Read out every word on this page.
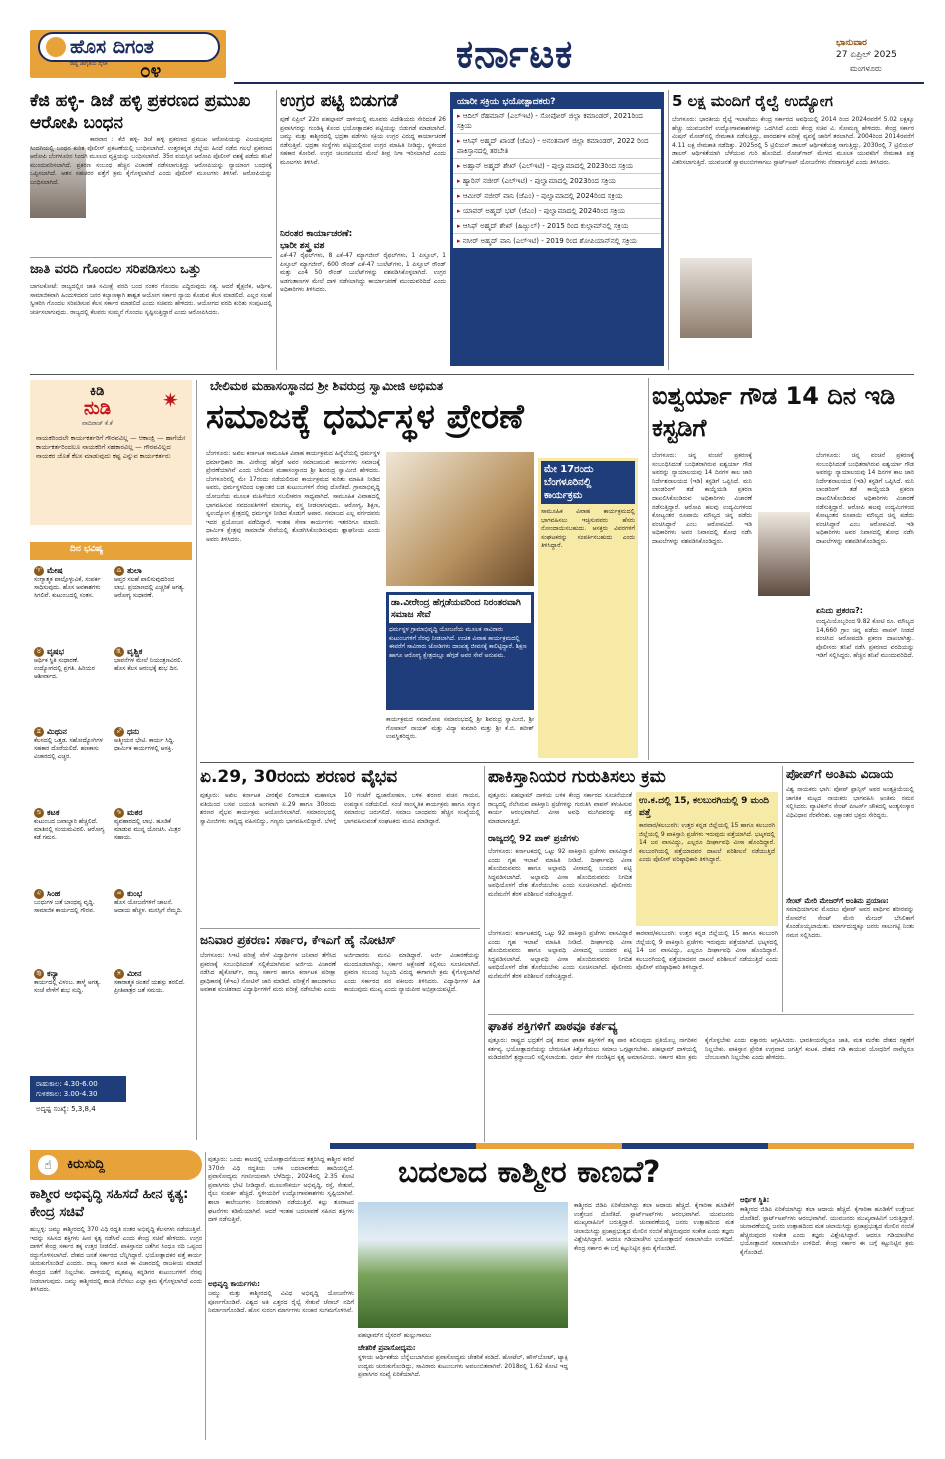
ಹೊಸ ದಿಗಂತ
ರಾಷ್ಟ್ರ ಜಾಗೃತಿಯ ದೈನಿಕ ೦೪	ಕರ್ನಾಟಕ	ಭಾನುವಾರ
27 ಏಪ್ರಿಲ್ 2025
ಮಂಗಳೂರು
ಕೆಜಿ ಹಳ್ಳಿ- ಡಿಜೆ ಹಳ್ಳಿ ಪ್ರಕರಣದ ಪ್ರಮುಖ ಆರೋಪಿ ಬಂಧನ
ಕಾರವಾರ : ಕೆಜಿ ಹಳ್ಳಿ- ಡಿಜೆ ಹಳ್ಳಿ ಪ್ರಕರಣದ ಪ್ರಮುಖ ಆರೋಪಿಯನ್ನು ವಿಜಯಪುರದ ಸಿಂದಗಿಯಲ್ಲಿ ಬಂಧನ ಕುರಿತ ಪೊಲೀಸ್ ಪ್ರಕಟಣೆಯಲ್ಲಿ ಬಂಧಿಸಲಾಗಿದೆ. ಉತ್ತರಕನ್ನಡ ಜಿಲ್ಲೆಯ ಹಿಂದೆ ನಡೆದ ಗಲಭೆ ಪ್ರಕರಣದ ಆರೋಪಿ ಬೆಂಗಳೂರಿನ ಸಿಂದಗಿ ಮೂಲದ ವ್ಯಕ್ತಿಯನ್ನು ಬಂಧಿಸಲಾಗಿದೆ. 35ರ ವಯಸ್ಸಿನ ಆರೋಪಿ ಪೊಲೀಸ್ ವಶಕ್ಕೆ ಪಡೆದು ತನಿಖೆ ಮುಂದುವರಿಸಲಾಗಿದೆ. ಪ್ರಕರಣ ಸಂಬಂಧ ಹೆಚ್ಚಿನ ವಿಚಾರಣೆ ನಡೆಸಲಾಗುತ್ತಿದ್ದು ಆರೋಪಿಯನ್ನು ನ್ಯಾಯಾಂಗ ಬಂಧನಕ್ಕೆ ಒಪ್ಪಿಸಲಾಗಿದೆ. ಆತನ ಸಹಚರರ ಪತ್ತೆಗೆ ಕ್ರಮ ಕೈಗೊಳ್ಳಲಾಗಿದೆ ಎಂದು ಪೊಲೀಸ್ ಮೂಲಗಳು ತಿಳಿಸಿವೆ. ಆರೋಪಿಯನ್ನು ಬಂಧಿಸಲಾಗಿದೆ.
ಜಾತಿ ವರದಿ ಗೊಂದಲ ಸರಿಪಡಿಸಲು ಒತ್ತು
ಬಾಗಲಕೋಟೆ: ರಾಜ್ಯದಲ್ಲಿನ ಜಾತಿ ಸಮೀಕ್ಷೆ ವರದಿ ಬಂದ ನಂತರ ಗೊಂದಲ ಎದ್ದಿರುವುದು ಸತ್ಯ. ಆದರೆ ಶೈಕ್ಷಣಿಕ, ಆರ್ಥಿಕ, ಸಾಮಾಜಿಕವಾಗಿ ಹಿಂದುಳಿದವರ ಜನರ ಕಲ್ಯಾಣಕ್ಕಾಗಿ ಶಾಶ್ವತ ಆಯೋಗ ಸರ್ಕಾರ ನ್ಯಾಯ ಕೊಡುವ ಕೆಲಸ ಮಾಡಲಿದೆ. ಎಲ್ಲರ ಸಲಹೆ ಸ್ವೀಕರಿಸಿ ಗೊಂದಲ ಸರಿಪಡಿಸುವ ಕೆಲಸ ಸರ್ಕಾರ ಮಾಡಲಿದೆ ಎಂದು ಸಚಿವರು ಹೇಳಿದರು. ಆಯೋಗದ ವರದಿ ಕುರಿತು ಸಂಪುಟದಲ್ಲಿ ಚರ್ಚಿಸಲಾಗುವುದು. ರಾಜ್ಯದಲ್ಲಿ ಕೆಲವರು ಸುಮ್ಮನೆ ಗೊಂದಲ ಸೃಷ್ಟಿಸುತ್ತಿದ್ದಾರೆ ಎಂದು ಆರೋಪಿಸಿದರು.
ಉಗ್ರರ ಪಟ್ಟಿ ಬಿಡುಗಡೆ
ಪುಣೆ ಏಪ್ರಿಲ್ 22ರ ಪಹಲ್ಗಾಮ್ ದಾಳಿಯಲ್ಲಿ ಮೂವರು ವಿದೇಶಿಯರು ಸೇರಿದಂತೆ 26 ಪ್ರವಾಸಿಗರನ್ನು ಗುಂಡಿಕ್ಕಿ ಕೊಂದ ಭಯೋತ್ಪಾದಕರ ಪಟ್ಟಿಯನ್ನು ಬಿಡುಗಡೆ ಮಾಡಲಾಗಿದೆ. ಜಮ್ಮು ಮತ್ತು ಕಾಶ್ಮೀರದಲ್ಲಿ ಭದ್ರತಾ ಪಡೆಗಳು ಸಕ್ರಿಯ ಉಗ್ರರ ವಿರುದ್ಧ ಕಾರ್ಯಾಚರಣೆ ನಡೆಸುತ್ತಿವೆ. ಭದ್ರತಾ ಸಂಸ್ಥೆಗಳು ಪಟ್ಟಿಯಲ್ಲಿರುವ ಉಗ್ರರ ಮಾಹಿತಿ ನೀಡಿದ್ದು, ಸ್ಥಳೀಯರ ಸಹಕಾರ ಕೋರಿವೆ. ಉಗ್ರರ ಚಲನವಲನದ ಮೇಲೆ ತೀವ್ರ ನಿಗಾ ಇರಿಸಲಾಗಿದೆ ಎಂದು ಮೂಲಗಳು ತಿಳಿಸಿವೆ.
ನಿರಂತರ ಕಾರ್ಯಾಚರಣೆ:
ಭಾರೀ ಶಸ್ತ್ರ ವಶ
ಎಕೆ-47 ರೈಫಲ್‌ಗಳು, 8 ಎಕೆ-47 ಮ್ಯಾಗಜೀನ್ ರೈಫಲ್‌ಗಳು, 1 ಪಿಸ್ತೂಲ್, 1 ಪಿಸ್ತೂಲ್ ಮ್ಯಾಗಜೀನ್, 600 ರೌಂಡ್ ಎಕೆ-47 ಬುಲೆಟ್‌ಗಳು, 1 ಪಿಸ್ತೂಲ್ ರೌಂಡ್ ಮತ್ತು ಎಂ4 50 ರೌಂಡ್ ಬುಲೆಟ್‌ಗಳನ್ನು ವಶಪಡಿಸಿಕೊಳ್ಳಲಾಗಿದೆ. ಉಗ್ರರ ಅಡಗುತಾಣಗಳ ಮೇಲೆ ದಾಳಿ ನಡೆಸಲಾಗಿದ್ದು ಕಾರ್ಯಾಚರಣೆ ಮುಂದುವರಿದಿದೆ ಎಂದು ಅಧಿಕಾರಿಗಳು ತಿಳಿಸಿದರು.
ಯಾರೀ ಸಕ್ರಿಯ ಭಯೋತ್ಪಾದಕರು?
▸ ಆದಿಲ್ ರೆಹಮಾನ್ (ಎಲ್‌ಇಟಿ) - ಸೋಪೋರ್ ಜಿಲ್ಲಾ ಕಮಾಂಡರ್, 2021ರಿಂದ ಸಕ್ರಿಯ
▸ ಆಸಿಫ್ ಅಹ್ಮದ್ ಖಾಂಡೆ (ಜೆಎಂ) - ಅನಂತನಾಗ್ ಜಿಲ್ಲಾ ಕಮಾಂಡರ್, 2022 ರಿಂದ ಪಾಕಿಸ್ತಾನದಲ್ಲಿ ತರಬೇತಿ
▸ ಅಹ್ಸಾನ್ ಅಹ್ಮದ್ ಶೇಖ್ (ಎಲ್‌ಇಟಿ) - ಪುಲ್ವಾಮಾದಲ್ಲಿ 2023ರಿಂದ ಸಕ್ರಿಯ
▸ ಹ್ಯಾರಿಸ್ ನಜೀರ್ (ಎಲ್‌ಇಟಿ) - ಪುಲ್ವಾಮಾದಲ್ಲಿ 2023ರಿಂದ ಸಕ್ರಿಯ
▸ ಆಮೀರ್ ನಜೀರ್ ವಾನಿ (ಜೆಎಂ) - ಪುಲ್ವಾಮಾದಲ್ಲಿ 2024ರಿಂದ ಸಕ್ರಿಯ
▸ ಯಾವರ್ ಅಹ್ಮದ್ ಭಟ್ (ಜೆಎಂ) - ಪುಲ್ವಾಮಾದಲ್ಲಿ 2024ರಿಂದ ಸಕ್ರಿಯ
▸ ಆಸಿಫ್ ಅಹ್ಮದ್ ಶೇಖ್ (ಹಿಜ್ಬುಲ್) - 2015 ರಿಂದ ಕುಲ್ಗಾಮ್‌ನಲ್ಲಿ ಸಕ್ರಿಯ
▸ ನಸೀರ್ ಅಹ್ಮದ್ ವಾನಿ (ಎಲ್‌ಇಟಿ) - 2019 ರಿಂದ ಶೋಪಿಯಾನ್‌ನಲ್ಲಿ ಸಕ್ರಿಯ
5 ಲಕ್ಷ ಮಂದಿಗೆ ರೈಲ್ವೆ ಉದ್ಯೋಗ
ಬೆಂಗಳೂರು: ಭಾರತೀಯ ರೈಲ್ವೆ ಇಲಾಖೆಯು ಕೇಂದ್ರ ಸರ್ಕಾರದ ಅವಧಿಯಲ್ಲಿ 2014 ರಿಂದ 2024ರವರೆಗೆ 5.02 ಲಕ್ಷಕ್ಕೂ ಹೆಚ್ಚು ಯುವಜನರಿಗೆ ಉದ್ಯೋಗಾವಕಾಶಗಳನ್ನು ಒದಗಿಸಿದೆ ಎಂದು ಕೇಂದ್ರ ಸಚಿವ ವಿ. ಸೋಮಣ್ಣ ಹೇಳಿದರು. ಕೇಂದ್ರ ಸರ್ಕಾರ ಮಿಷನ್ ಮೋಡ್‌ನಲ್ಲಿ ನೇಮಕಾತಿ ನಡೆಸುತ್ತಿದ್ದು, ಪಾರದರ್ಶಕ ಪರೀಕ್ಷೆ ವ್ಯವಸ್ಥೆ ಜಾರಿಗೆ ತರಲಾಗಿದೆ. 2004ರಿಂದ 2014ರವರೆಗೆ 4.11 ಲಕ್ಷ ನೇಮಕಾತಿ ನಡೆದಿತ್ತು. 2025ರಲ್ಲಿ 5 ಟ್ರಿಲಿಯನ್ ಡಾಲರ್ ಆರ್ಥಿಕತೆಯತ್ತ ಸಾಗುತ್ತಿದ್ದು, 2030ರಲ್ಲಿ 7 ಟ್ರಿಲಿಯನ್ ಡಾಲರ್ ಆರ್ಥಿಕತೆಯಾಗಿ ಬೆಳೆಯುವ ಗುರಿ ಹೊಂದಿದೆ. ರೋಜ್‌ಗಾರ್ ಮೇಳದ ಮೂಲಕ ಯುವಕರಿಗೆ ನೇಮಕಾತಿ ಪತ್ರ ವಿತರಿಸಲಾಗುತ್ತಿದೆ. ಯುವಜನತೆ ಸ್ವಾವಲಂಬಿಗಳಾಗಲು ಸ್ಟಾರ್ಟ್‌ಅಪ್ ಯೋಜನೆಗಳು ನೆರವಾಗುತ್ತಿವೆ ಎಂದು ತಿಳಿಸಿದರು.
ಕಿಡಿ
ನುಡಿ	✷
ವಾದಿರಾಜ್ ಕೆ.ಕೆ
ನಾಯಕರಿಂದಲೇ ಕಾರ್ಯಕರ್ತರಿಗೆ ಗೌರವವಿಲ್ಲ — ಆಕಾಂಕ್ಷಿ — ಹಾಗೆಯೇ ಕಾರ್ಯಕರ್ತರಿಂದಲೂ ನಾಯಕರಿಗೆ ಸಹಕಾರವಿಲ್ಲ — ಗೌರವವಿಲ್ಲದ ನಾಯಕರ ಜೊತೆ ಕೆಲಸ ಮಾಡುವುದು ಕಷ್ಟ ಎನ್ನುವ ಕಾರ್ಯಕರ್ತರು
ದಿನ ಭವಿಷ್ಯ
♈ ಮೇಷ
ಸಂಗ್ಯಾತ್ಮಕ ಪಾಲ್ಗೊಳ್ಳುವಿಕೆ, ಸಂಪರ್ಕ ಸಾಧಿಸುವುದು. ಹೊಸ ಅವಕಾಶಗಳು ಸಿಗಲಿವೆ. ಕುಟುಂಬದಲ್ಲಿ ಸಂತಸ.
♎ ತುಲಾ
ಆಪ್ತರ ಸಲಹೆ ಪಾಲಿಸುವುದರಿಂದ ಲಾಭ. ಪ್ರಯಾಣದಲ್ಲಿ ಎಚ್ಚರಿಕೆ ಅಗತ್ಯ. ಆರೋಗ್ಯ ಸುಧಾರಣೆ.
♉ ವೃಷಭ
ಆರ್ಥಿಕ ಸ್ಥಿತಿ ಸುಧಾರಣೆ. ಉದ್ಯೋಗದಲ್ಲಿ ಪ್ರಗತಿ. ಹಿರಿಯರ ಆಶೀರ್ವಾದ.
♏ ವೃಶ್ಚಿಕ
ಭಾವನೆಗಳ ಮೇಲೆ ನಿಯಂತ್ರಣವಿರಲಿ. ಹೊಸ ಕೆಲಸ ಆರಂಭಕ್ಕೆ ಶುಭ ದಿನ.
♊ ಮಿಥುನ
ಕೆಲಸದಲ್ಲಿ ಒತ್ತಡ. ಸಹೋದ್ಯೋಗಿಗಳ ಸಹಕಾರ ದೊರೆಯಲಿದೆ. ಹಣಕಾಸು ವಿಚಾರದಲ್ಲಿ ಎಚ್ಚರ.
♐ ಧನು
ಆತ್ಮೀಯರ ಭೇಟಿ. ಕಾರ್ಯ ಸಿದ್ಧಿ. ಧಾರ್ಮಿಕ ಕಾರ್ಯಗಳಲ್ಲಿ ಆಸಕ್ತಿ.
♋ ಕಟಕ
ಕುಟುಂಬದ ಜವಾಬ್ದಾರಿ ಹೆಚ್ಚಲಿದೆ. ಮಾತಿನಲ್ಲಿ ಸಂಯಮವಿರಲಿ. ಆರೋಗ್ಯ ಕಡೆ ಗಮನ.
♑ ಮಕರ
ವ್ಯವಹಾರದಲ್ಲಿ ಲಾಭ. ಹೂಡಿಕೆ ಮಾಡುವ ಮುನ್ನ ಯೋಚಿಸಿ. ಮಿತ್ರರ ಸಹಾಯ.
♌ ಸಿಂಹ
ಬಂಧುಗಳ ಜತೆ ಬಾಂಧವ್ಯ ವೃದ್ಧಿ. ಸಾಮಾಜಿಕ ಕಾರ್ಯದಲ್ಲಿ ಗೌರವ.
♒ ಕುಂಭ
ಹೊಸ ಯೋಜನೆಗಳಿಗೆ ಚಾಲನೆ. ಆದಾಯ ಹೆಚ್ಚಳ. ಮನಸ್ಸಿಗೆ ನೆಮ್ಮದಿ.
♍ ಕನ್ಯಾ
ಕಾರ್ಯದಲ್ಲಿ ವಿಳಂಬ. ತಾಳ್ಮೆ ಅಗತ್ಯ. ಸಂಜೆ ವೇಳೆಗೆ ಶುಭ ಸುದ್ದಿ.
♓ ಮೀನ
ಸಕಾರಾತ್ಮಕ ಚಿಂತನೆ ಯಶಸ್ಸು ತರಲಿದೆ. ಪ್ರೀತಿಪಾತ್ರರ ಜತೆ ಸಮಯ.
ರಾಹುಕಾಲ: 4.30-6.00
ಗುಳಿಕಕಾಲ: 3.00-4.30
ಅದೃಷ್ಟ ಸಂಖ್ಯೆ: 5,3,8,4
ಬೇಲಿಮಠ ಮಹಾಸಂಸ್ಥಾನದ ಶ್ರೀ ಶಿವರುದ್ರ ಸ್ವಾಮೀಜಿ ಅಭಿಮತ
ಸಮಾಜಕ್ಕೆ ಧರ್ಮಸ್ಥಳ ಪ್ರೇರಣೆ
ಬೆಂಗಳೂರು: ಅಖಿಲ ಕರ್ನಾಟಕ ಸಾಮೂಹಿಕ ವಿವಾಹ ಕಾರ್ಯಕ್ರಮದ ಹಿನ್ನೆಲೆಯಲ್ಲಿ ಧರ್ಮಸ್ಥಳ ಧರ್ಮಾಧಿಕಾರಿ ಡಾ. ವೀರೇಂದ್ರ ಹೆಗ್ಗಡೆ ಅವರ ಸಮಾಜಮುಖಿ ಕಾರ್ಯಗಳು ಸಮಾಜಕ್ಕೆ ಪ್ರೇರಣೆಯಾಗಿವೆ ಎಂದು ಬೇಲಿಮಠ ಮಹಾಸಂಸ್ಥಾನದ ಶ್ರೀ ಶಿವರುದ್ರ ಸ್ವಾಮೀಜಿ ಹೇಳಿದರು. ಬೆಂಗಳೂರಿನಲ್ಲಿ ಮೇ 17ರಂದು ನಡೆಯಲಿರುವ ಕಾರ್ಯಕ್ರಮದ ಕುರಿತು ಮಾಹಿತಿ ನೀಡಿದ ಅವರು, ಧರ್ಮಸ್ಥಳದಿಂದ ಲಕ್ಷಾಂತರ ಬಡ ಕುಟುಂಬಗಳಿಗೆ ನೆರವು ದೊರೆತಿದೆ. ಗ್ರಾಮಾಭಿವೃದ್ಧಿ ಯೋಜನೆಯ ಮೂಲಕ ಮಹಿಳೆಯರ ಸಬಲೀಕರಣ ಸಾಧ್ಯವಾಗಿದೆ. ಸಾಮೂಹಿಕ ವಿವಾಹದಲ್ಲಿ ಭಾಗವಹಿಸುವ ನವದಂಪತಿಗಳಿಗೆ ಮಾಂಗಲ್ಯ, ವಸ್ತ್ರ ನೀಡಲಾಗುವುದು. ಆರೋಗ್ಯ, ಶಿಕ್ಷಣ, ಸ್ವಉದ್ಯೋಗ ಕ್ಷೇತ್ರದಲ್ಲಿ ಧರ್ಮಸ್ಥಳ ನೀಡಿದ ಕೊಡುಗೆ ಅಪಾರ. ಸಮಾಜದ ಎಲ್ಲ ವರ್ಗದವರು ಇದರ ಪ್ರಯೋಜನ ಪಡೆದಿದ್ದಾರೆ. ಇಂತಹ ಸೇವಾ ಕಾರ್ಯಗಳು ಇತರರಿಗೂ ಮಾದರಿ. ಧಾರ್ಮಿಕ ಕ್ಷೇತ್ರವು ಸಾಮಾಜಿಕ ಸೇವೆಯಲ್ಲಿ ತೊಡಗಿಸಿಕೊಂಡಿರುವುದು ಶ್ಲಾಘನೀಯ ಎಂದು ಅವರು ತಿಳಿಸಿದರು.
ಮೇ 17ರಂದು ಬೆಂಗಳೂರಿನಲ್ಲಿ ಕಾರ್ಯಕ್ರಮ
ಸಾಮೂಹಿಕ ವಿವಾಹ ಕಾರ್ಯಕ್ರಮದಲ್ಲಿ ಭಾಗವಹಿಸಲು ಇಚ್ಛಿಸುವವರು ಹೆಸರು ನೋಂದಾಯಿಸಬಹುದು. ಆಸಕ್ತರು ವಿವರಗಳಿಗೆ ಸಂಘಟಕರನ್ನು ಸಂಪರ್ಕಿಸಬಹುದು ಎಂದು ತಿಳಿಸಿದ್ದಾರೆ.
ಡಾ.ವೀರೇಂದ್ರ ಹೆಗ್ಗಡೆಯವರಿಂದ ನಿರಂತರವಾಗಿ ಸಮಾಜ ಸೇವೆ
ಧರ್ಮಸ್ಥಳ ಗ್ರಾಮಾಭಿವೃದ್ಧಿ ಯೋಜನೆಯ ಮೂಲಕ ಸಾವಿರಾರು ಕುಟುಂಬಗಳಿಗೆ ನೆರವು ನೀಡಲಾಗಿದೆ. ಉಚಿತ ವಿವಾಹ ಕಾರ್ಯಕ್ರಮದಲ್ಲಿ ಈವರೆಗೆ ಸಾವಿರಾರು ಜೋಡಿಗಳು ದಾಂಪತ್ಯ ಜೀವನಕ್ಕೆ ಕಾಲಿಟ್ಟಿದ್ದಾರೆ. ಶಿಕ್ಷಣ ಹಾಗೂ ಆರೋಗ್ಯ ಕ್ಷೇತ್ರದಲ್ಲೂ ಹೆಗ್ಗಡೆ ಅವರ ಸೇವೆ ಅನುಪಮ.
ಕಾರ್ಯಕ್ರಮದ ಸಮಾರೋಪ ಸಮಾರಂಭದಲ್ಲಿ ಶ್ರೀ ಶಿವರುದ್ರ ಸ್ವಾಮೀಜಿ, ಶ್ರೀ ಗೋಪಾಲ್ ನಾಯಕ್ ಮತ್ತು ವಿದ್ಯಾ ಕುಮಾರಿ ಮತ್ತು ಶ್ರೀ ಕೆ.ಬಿ. ಹರೀಶ್ ಉಪಸ್ಥಿತರಿದ್ದರು.
ಐಶ್ವರ್ಯಾ ಗೌಡ 14 ದಿನ ಇಡಿ ಕಸ್ಟಡಿಗೆ
ಬೆಂಗಳೂರು: ಚಿನ್ನ ವಂಚನೆ ಪ್ರಕರಣಕ್ಕೆ ಸಂಬಂಧಿಸಿದಂತೆ ಬಂಧಿತರಾಗಿರುವ ಐಶ್ವರ್ಯಾ ಗೌಡ ಅವರನ್ನು ನ್ಯಾಯಾಲಯವು 14 ದಿನಗಳ ಕಾಲ ಜಾರಿ ನಿರ್ದೇಶನಾಲಯದ (ಇಡಿ) ಕಸ್ಟಡಿಗೆ ಒಪ್ಪಿಸಿದೆ. ಮನಿ ಲಾಂಡರಿಂಗ್ ತಡೆ ಕಾಯ್ದೆಯಡಿ ಪ್ರಕರಣ ದಾಖಲಿಸಿಕೊಂಡಿರುವ ಅಧಿಕಾರಿಗಳು ವಿಚಾರಣೆ ನಡೆಸುತ್ತಿದ್ದಾರೆ. ಆರೋಪಿ ಹಲವು ಉದ್ಯಮಿಗಳಿಂದ ಕೋಟ್ಯಂತರ ರೂಪಾಯಿ ಮೌಲ್ಯದ ಚಿನ್ನ ಪಡೆದು ವಂಚಿಸಿದ್ದಾರೆ ಎಂಬ ಆರೋಪವಿದೆ. ಇಡಿ ಅಧಿಕಾರಿಗಳು ಅವರ ನಿವಾಸದಲ್ಲಿ ಶೋಧ ನಡೆಸಿ ದಾಖಲೆಗಳನ್ನು ವಶಪಡಿಸಿಕೊಂಡಿದ್ದರು.
ಬೆಂಗಳೂರು: ಚಿನ್ನ ವಂಚನೆ ಪ್ರಕರಣಕ್ಕೆ ಸಂಬಂಧಿಸಿದಂತೆ ಬಂಧಿತರಾಗಿರುವ ಐಶ್ವರ್ಯಾ ಗೌಡ ಅವರನ್ನು ನ್ಯಾಯಾಲಯವು 14 ದಿನಗಳ ಕಾಲ ಜಾರಿ ನಿರ್ದೇಶನಾಲಯದ (ಇಡಿ) ಕಸ್ಟಡಿಗೆ ಒಪ್ಪಿಸಿದೆ. ಮನಿ ಲಾಂಡರಿಂಗ್ ತಡೆ ಕಾಯ್ದೆಯಡಿ ಪ್ರಕರಣ ದಾಖಲಿಸಿಕೊಂಡಿರುವ ಅಧಿಕಾರಿಗಳು ವಿಚಾರಣೆ ನಡೆಸುತ್ತಿದ್ದಾರೆ. ಆರೋಪಿ ಹಲವು ಉದ್ಯಮಿಗಳಿಂದ ಕೋಟ್ಯಂತರ ರೂಪಾಯಿ ಮೌಲ್ಯದ ಚಿನ್ನ ಪಡೆದು ವಂಚಿಸಿದ್ದಾರೆ ಎಂಬ ಆರೋಪವಿದೆ. ಇಡಿ ಅಧಿಕಾರಿಗಳು ಅವರ ನಿವಾಸದಲ್ಲಿ ಶೋಧ ನಡೆಸಿ ದಾಖಲೆಗಳನ್ನು ವಶಪಡಿಸಿಕೊಂಡಿದ್ದರು.
ಏನಿದು ಪ್ರಕರಣ?:
ಉದ್ಯಮಿಯೊಬ್ಬರಿಂದ 9.82 ಕೋಟಿ ರೂ. ಮೌಲ್ಯದ 14,660 ಗ್ರಾಂ ಚಿನ್ನ ಪಡೆದು ವಾಪಸ್ ನೀಡದೆ ವಂಚಿಸಿದ ಆರೋಪದಡಿ ಪ್ರಕರಣ ದಾಖಲಾಗಿತ್ತು. ಪೊಲೀಸರು ತನಿಖೆ ನಡೆಸಿ ಪ್ರಕರಣದ ವರದಿಯನ್ನು ಇಡಿಗೆ ಸಲ್ಲಿಸಿದ್ದರು. ಹೆಚ್ಚಿನ ತನಿಖೆ ಮುಂದುವರಿದಿದೆ.
ಏ.29, 30ರಂದು ಶರಣರ ವೈಭವ
ಪುತ್ತೂರು: ಅಖಿಲ ಕರ್ನಾಟಕ ವೀರಶೈವ ಲಿಂಗಾಯತ ಮಹಾಸಭಾ ವತಿಯಿಂದ ಬಸವ ಜಯಂತಿ ಅಂಗವಾಗಿ ಏ.29 ಹಾಗೂ 30ರಂದು ಶರಣರ ವೈಭವ ಕಾರ್ಯಕ್ರಮ ಆಯೋಜಿಸಲಾಗಿದೆ. ಸಮಾರಂಭದಲ್ಲಿ ಸ್ವಾಮೀಜಿಗಳು ಸಾನ್ನಿಧ್ಯ ವಹಿಸಲಿದ್ದು, ಗಣ್ಯರು ಭಾಗವಹಿಸಲಿದ್ದಾರೆ. ಬೆಳಗ್ಗೆ 10 ಗಂಟೆಗೆ ಧ್ವಜಾರೋಹಣ, ಬಳಿಕ ಶರಣರ ವಚನ ಗಾಯನ, ಉಪನ್ಯಾಸ ನಡೆಯಲಿದೆ. ಸಂಜೆ ಸಾಂಸ್ಕೃತಿಕ ಕಾರ್ಯಕ್ರಮ ಹಾಗೂ ಸನ್ಮಾನ ಸಮಾರಂಭ ಜರುಗಲಿದೆ. ಸಮಾಜ ಬಾಂಧವರು ಹೆಚ್ಚಿನ ಸಂಖ್ಯೆಯಲ್ಲಿ ಭಾಗವಹಿಸುವಂತೆ ಸಂಘಟಕರು ಮನವಿ ಮಾಡಿದ್ದಾರೆ.
ಜನಿವಾರ ಪ್ರಕರಣ: ಸರ್ಕಾರ, ಕೆಇಎಗೆ ಹೈ ನೋಟಿಸ್
ಬೆಂಗಳೂರು: ಸಿಇಟಿ ಪರೀಕ್ಷೆ ವೇಳೆ ವಿದ್ಯಾರ್ಥಿಗಳ ಜನಿವಾರ ತೆಗೆಸಿದ ಪ್ರಕರಣಕ್ಕೆ ಸಂಬಂಧಿಸಿದಂತೆ ಸಲ್ಲಿಕೆಯಾಗಿರುವ ಅರ್ಜಿಯ ವಿಚಾರಣೆ ನಡೆಸಿದ ಹೈಕೋರ್ಟ್, ರಾಜ್ಯ ಸರ್ಕಾರ ಹಾಗೂ ಕರ್ನಾಟಕ ಪರೀಕ್ಷಾ ಪ್ರಾಧಿಕಾರಕ್ಕೆ (ಕೆಇಎ) ನೋಟಿಸ್ ಜಾರಿ ಮಾಡಿದೆ. ಪರೀಕ್ಷೆಗೆ ಹಾಜರಾಗಲು ಅವಕಾಶ ವಂಚಿತರಾದ ವಿದ್ಯಾರ್ಥಿಗಳಿಗೆ ಮರು ಪರೀಕ್ಷೆ ನಡೆಸಬೇಕು ಎಂದು ಅರ್ಜಿದಾರರು ಮನವಿ ಮಾಡಿದ್ದಾರೆ. ಅರ್ಜಿ ವಿಚಾರಣೆಯನ್ನು ಮುಂದೂಡಲಾಗಿದ್ದು, ಸರ್ಕಾರ ಆಕ್ಷೇಪಣೆ ಸಲ್ಲಿಸಲು ಸೂಚಿಸಲಾಗಿದೆ. ಪ್ರಕರಣ ಸಂಬಂಧ ಸಿಬ್ಬಂದಿ ವಿರುದ್ಧ ಈಗಾಗಲೇ ಕ್ರಮ ಕೈಗೊಳ್ಳಲಾಗಿದೆ ಎಂದು ಸರ್ಕಾರದ ಪರ ವಕೀಲರು ತಿಳಿಸಿದರು. ವಿದ್ಯಾರ್ಥಿಗಳ ಹಿತ ಕಾಯುವುದು ಮುಖ್ಯ ಎಂದು ನ್ಯಾಯಪೀಠ ಅಭಿಪ್ರಾಯಪಟ್ಟಿದೆ.
ಪಾಕಿಸ್ತಾನಿಯರ ಗುರುತಿಸಲು ಕ್ರಮ
ಪುತ್ತೂರು: ಪಹಲ್ಗಾಮ್ ದಾಳಿಯ ಬಳಿಕ ಕೇಂದ್ರ ಸರ್ಕಾರದ ಸೂಚನೆಯಂತೆ ರಾಜ್ಯದಲ್ಲಿ ನೆಲೆಸಿರುವ ಪಾಕಿಸ್ತಾನಿ ಪ್ರಜೆಗಳನ್ನು ಗುರುತಿಸಿ ವಾಪಸ್ ಕಳುಹಿಸುವ ಕಾರ್ಯ ಆರಂಭವಾಗಿದೆ. ವೀಸಾ ಅವಧಿ ಮುಗಿದವರನ್ನು ಪತ್ತೆ ಮಾಡಲಾಗುತ್ತಿದೆ.
ರಾಜ್ಯದಲ್ಲಿ 92 ಪಾಕ್ ಪ್ರಜೆಗಳು
ಬೆಂಗಳೂರು: ಕರ್ನಾಟಕದಲ್ಲಿ ಒಟ್ಟು 92 ಪಾಕಿಸ್ತಾನಿ ಪ್ರಜೆಗಳು ವಾಸವಿದ್ದಾರೆ ಎಂದು ಗೃಹ ಇಲಾಖೆ ಮಾಹಿತಿ ನೀಡಿದೆ. ದೀರ್ಘಾವಧಿ ವೀಸಾ ಹೊಂದಿರುವವರು ಹಾಗೂ ಅಲ್ಪಾವಧಿ ವೀಸಾದಲ್ಲಿ ಬಂದವರ ಪಟ್ಟಿ ಸಿದ್ಧಪಡಿಸಲಾಗಿದೆ. ಅಲ್ಪಾವಧಿ ವೀಸಾ ಹೊಂದಿರುವವರು ನಿಗದಿತ ಅವಧಿಯೊಳಗೆ ದೇಶ ತೊರೆಯಬೇಕು ಎಂದು ಸೂಚಿಸಲಾಗಿದೆ. ಪೊಲೀಸರು ಮನೆಮನೆಗೆ ತೆರಳಿ ಪರಿಶೀಲನೆ ನಡೆಸುತ್ತಿದ್ದಾರೆ.
ಉ.ಕ.ದಲ್ಲಿ 15, ಕಲಬುರಗಿಯಲ್ಲಿ 9 ಮಂದಿ ಪತ್ತೆ
ಕಾರವಾರ/ಕಲಬುರಗಿ: ಉತ್ತರ ಕನ್ನಡ ಜಿಲ್ಲೆಯಲ್ಲಿ 15 ಹಾಗೂ ಕಲಬುರಗಿ ಜಿಲ್ಲೆಯಲ್ಲಿ 9 ಪಾಕಿಸ್ತಾನಿ ಪ್ರಜೆಗಳು ಇರುವುದು ಪತ್ತೆಯಾಗಿದೆ. ಭಟ್ಕಳದಲ್ಲಿ 14 ಜನ ವಾಸವಿದ್ದು, ಎಲ್ಲರೂ ದೀರ್ಘಾವಧಿ ವೀಸಾ ಹೊಂದಿದ್ದಾರೆ. ಕಲಬುರಗಿಯಲ್ಲಿ ಪತ್ತೆಯಾದವರ ದಾಖಲೆ ಪರಿಶೀಲನೆ ನಡೆಯುತ್ತಿದೆ ಎಂದು ಪೊಲೀಸ್ ವರಿಷ್ಠಾಧಿಕಾರಿ ತಿಳಿಸಿದ್ದಾರೆ.
ಬೆಂಗಳೂರು: ಕರ್ನಾಟಕದಲ್ಲಿ ಒಟ್ಟು 92 ಪಾಕಿಸ್ತಾನಿ ಪ್ರಜೆಗಳು ವಾಸವಿದ್ದಾರೆ ಎಂದು ಗೃಹ ಇಲಾಖೆ ಮಾಹಿತಿ ನೀಡಿದೆ. ದೀರ್ಘಾವಧಿ ವೀಸಾ ಹೊಂದಿರುವವರು ಹಾಗೂ ಅಲ್ಪಾವಧಿ ವೀಸಾದಲ್ಲಿ ಬಂದವರ ಪಟ್ಟಿ ಸಿದ್ಧಪಡಿಸಲಾಗಿದೆ. ಅಲ್ಪಾವಧಿ ವೀಸಾ ಹೊಂದಿರುವವರು ನಿಗದಿತ ಅವಧಿಯೊಳಗೆ ದೇಶ ತೊರೆಯಬೇಕು ಎಂದು ಸೂಚಿಸಲಾಗಿದೆ. ಪೊಲೀಸರು ಮನೆಮನೆಗೆ ತೆರಳಿ ಪರಿಶೀಲನೆ ನಡೆಸುತ್ತಿದ್ದಾರೆ.
ಕಾರವಾರ/ಕಲಬುರಗಿ: ಉತ್ತರ ಕನ್ನಡ ಜಿಲ್ಲೆಯಲ್ಲಿ 15 ಹಾಗೂ ಕಲಬುರಗಿ ಜಿಲ್ಲೆಯಲ್ಲಿ 9 ಪಾಕಿಸ್ತಾನಿ ಪ್ರಜೆಗಳು ಇರುವುದು ಪತ್ತೆಯಾಗಿದೆ. ಭಟ್ಕಳದಲ್ಲಿ 14 ಜನ ವಾಸವಿದ್ದು, ಎಲ್ಲರೂ ದೀರ್ಘಾವಧಿ ವೀಸಾ ಹೊಂದಿದ್ದಾರೆ. ಕಲಬುರಗಿಯಲ್ಲಿ ಪತ್ತೆಯಾದವರ ದಾಖಲೆ ಪರಿಶೀಲನೆ ನಡೆಯುತ್ತಿದೆ ಎಂದು ಪೊಲೀಸ್ ವರಿಷ್ಠಾಧಿಕಾರಿ ತಿಳಿಸಿದ್ದಾರೆ.
ಪೋಪ್‌ಗೆ ಅಂತಿಮ ವಿದಾಯ
ವಿಶ್ವ ನಾಯಕರು ಭಾಗಿ: ಪೋಪ್ ಫ್ರಾನ್ಸಿಸ್ ಅವರ ಅಂತ್ಯಕ್ರಿಯೆಯಲ್ಲಿ ಜಾಗತಿಕ ಮಟ್ಟದ ನಾಯಕರು ಭಾಗವಹಿಸಿ ಅಂತಿಮ ನಮನ ಸಲ್ಲಿಸಿದರು. ವ್ಯಾಟಿಕನ್‌ನ ಸೇಂಟ್ ಪೀಟರ್ಸ್ ಚೌಕದಲ್ಲಿ ಅಂತ್ಯಸಂಸ್ಕಾರ ವಿಧಿವಿಧಾನ ನೆರವೇರಿತು. ಲಕ್ಷಾಂತರ ಭಕ್ತರು ಸೇರಿದ್ದರು.
ಸೇಂಟ್ ಮೇರಿ ಮೇಜರ್‌ಗೆ ಅಂತಿಮ ಪ್ರಯಾಣ:
ಸಮಾಧಿಯಾಗುವ ಮೊದಲು ಪೋಪ್ ಅವರ ಪಾರ್ಥಿವ ಶರೀರವನ್ನು ರೋಮ್‌ನ ಸೇಂಟ್ ಮೇರಿ ಮೇಜರ್ ಬೆಸಿಲಿಕಾಗೆ ಕೊಂಡೊಯ್ಯಲಾಯಿತು. ಮಾರ್ಗದುದ್ದಕ್ಕೂ ಜನರು ಸಾಲುಗಟ್ಟಿ ನಿಂತು ನಮನ ಸಲ್ಲಿಸಿದರು.
ಘಾತಕ ಶಕ್ತಿಗಳಿಗೆ ಪಾಠವೂ ಕರ್ತವ್ಯ
ಪುತ್ತೂರು: ರಾಷ್ಟ್ರದ ಭದ್ರತೆಗೆ ಧಕ್ಕೆ ತರುವ ಘಾತಕ ಶಕ್ತಿಗಳಿಗೆ ತಕ್ಕ ಪಾಠ ಕಲಿಸುವುದು ಪ್ರತಿಯೊಬ್ಬ ನಾಗರಿಕನ ಕರ್ತವ್ಯ. ಭಯೋತ್ಪಾದನೆಯನ್ನು ಬೇರುಸಹಿತ ಕಿತ್ತೊಗೆಯಲು ಸಮಾಜ ಒಗ್ಗಟ್ಟಾಗಬೇಕು. ಪಹಲ್ಗಾಮ್ ದಾಳಿಯಲ್ಲಿ ಮಡಿದವರಿಗೆ ಶ್ರದ್ಧಾಂಜಲಿ ಸಲ್ಲಿಸಲಾಯಿತು. ಧರ್ಮ ಕೇಳಿ ಗುಂಡಿಕ್ಕಿದ ಕೃತ್ಯ ಅಮಾನವೀಯ. ಸರ್ಕಾರ ಕಠಿಣ ಕ್ರಮ ಕೈಗೊಳ್ಳಬೇಕು ಎಂದು ವಕ್ತಾರರು ಆಗ್ರಹಿಸಿದರು. ಭಾರತೀಯರೆಲ್ಲರೂ ಜಾತಿ, ಮತ ಮರೆತು ದೇಶದ ರಕ್ಷಣೆಗೆ ನಿಲ್ಲಬೇಕು. ಪಾಕಿಸ್ತಾನ ಪ್ರೇರಿತ ಉಗ್ರವಾದ ಜಗತ್ತಿಗೆ ಕಂಟಕ. ದೇಶದ ಗಡಿ ಕಾಯುವ ಯೋಧರಿಗೆ ನಾವೆಲ್ಲರೂ ಬೆಂಬಲವಾಗಿ ನಿಲ್ಲಬೇಕು ಎಂದು ಹೇಳಿದರು.
☝ $^{ಕಿರುಸುದ್ದಿ}$
ಕಾಶ್ಮೀರ ಅಭಿವೃದ್ಧಿ ಸಹಿಸದೆ ಹೀನ ಕೃತ್ಯ: ಕೇಂದ್ರ ಸಚಿವೆ
ಹುಬ್ಬಳ್ಳಿ: ಜಮ್ಮು ಕಾಶ್ಮೀರದಲ್ಲಿ 370 ವಿಧಿ ರದ್ದತಿ ನಂತರ ಅಭಿವೃದ್ಧಿ ಕೆಲಸಗಳು ನಡೆಯುತ್ತಿವೆ. ಇದನ್ನು ಸಹಿಸದ ಶಕ್ತಿಗಳು ಹೀನ ಕೃತ್ಯ ನಡೆಸಿವೆ ಎಂದು ಕೇಂದ್ರ ಸಚಿವೆ ಹೇಳಿದರು. ಉಗ್ರರ ದಾಳಿಗೆ ಕೇಂದ್ರ ಸರ್ಕಾರ ತಕ್ಕ ಉತ್ತರ ನೀಡಲಿದೆ. ಪಾಕಿಸ್ತಾನದ ಜತೆಗಿನ ಸಿಂಧೂ ನದಿ ಒಪ್ಪಂದ ರದ್ದುಗೊಳಿಸಲಾಗಿದೆ. ದೇಶದ ಜನತೆ ಸರ್ಕಾರದ ಬೆನ್ನಿಗಿದ್ದಾರೆ. ಭಯೋತ್ಪಾದಕರ ಪತ್ತೆ ಕಾರ್ಯ ಚುರುಕುಗೊಂಡಿದೆ ಎಂದರು. ರಾಜ್ಯ ಸರ್ಕಾರ ಕೂಡ ಈ ವಿಚಾರದಲ್ಲಿ ರಾಜಕೀಯ ಮಾಡದೆ ಕೇಂದ್ರದ ಜತೆಗೆ ನಿಲ್ಲಬೇಕು. ದಾಳಿಯಲ್ಲಿ ಮೃತಪಟ್ಟ ಕನ್ನಡಿಗರ ಕುಟುಂಬಗಳಿಗೆ ನೆರವು ನೀಡಲಾಗುವುದು. ಜಮ್ಮು ಕಾಶ್ಮೀರದಲ್ಲಿ ಶಾಂತಿ ನೆಲೆಸಲು ಎಲ್ಲಾ ಕ್ರಮ ಕೈಗೊಳ್ಳಲಾಗಿದೆ ಎಂದು ತಿಳಿಸಿದರು.
ಪುತ್ತೂರು: ಒಂದು ಕಾಲದಲ್ಲಿ ಭಯೋತ್ಪಾದನೆಯಿಂದ ತತ್ತರಿಸಿದ್ದ ಕಾಶ್ಮೀರ ಕಣಿವೆ 370ನೇ ವಿಧಿ ರದ್ದತಿಯ ಬಳಿಕ ಬದಲಾವಣೆಯ ಹಾದಿಯಲ್ಲಿದೆ. ಪ್ರವಾಸೋದ್ಯಮ ಗಣನೀಯವಾಗಿ ಬೆಳೆದಿದ್ದು, 2024ರಲ್ಲಿ 2.35 ಕೋಟಿ ಪ್ರವಾಸಿಗರು ಭೇಟಿ ನೀಡಿದ್ದಾರೆ. ಮೂಲಸೌಕರ್ಯ ಅಭಿವೃದ್ಧಿ, ರಸ್ತೆ, ಸೇತುವೆ, ರೈಲು ಸಂಪರ್ಕ ಹೆಚ್ಚಿದೆ. ಸ್ಥಳೀಯರಿಗೆ ಉದ್ಯೋಗಾವಕಾಶಗಳು ಸೃಷ್ಟಿಯಾಗಿವೆ. ಶಾಲಾ ಕಾಲೇಜುಗಳು ನಿರಂತರವಾಗಿ ನಡೆಯುತ್ತಿವೆ. ಕಲ್ಲು ತೂರಾಟದ ಘಟನೆಗಳು ಕಡಿಮೆಯಾಗಿವೆ. ಆದರೆ ಇಂತಹ ಬದಲಾವಣೆ ಸಹಿಸದ ಶಕ್ತಿಗಳು ದಾಳಿ ನಡೆಸುತ್ತಿವೆ.
ಬದಲಾದ ಕಾಶ್ಮೀರ ಕಾಣದೆ?
ಪಹಲ್ಗಾಮ್‌ನ ಬೈಸರನ್ ಹುಲ್ಲುಗಾವಲು
ಚೇತರಿಕೆ ಪ್ರವಾಸೋದ್ಯಮ:
ಸ್ಥಳೀಯ ಆರ್ಥಿಕತೆಯ ಬೆನ್ನೆಲುಬಾಗಿರುವ ಪ್ರವಾಸೋದ್ಯಮ ಚೇತರಿಕೆ ಕಂಡಿದೆ. ಹೋಟೆಲ್, ಹೌಸ್‌ಬೋಟ್, ಟ್ಯಾಕ್ಸಿ ಉದ್ಯಮ ಚುರುಕುಗೊಂಡಿದ್ದು, ಸಾವಿರಾರು ಕುಟುಂಬಗಳು ಅವಲಂಬಿತವಾಗಿವೆ. 2018ರಲ್ಲಿ 1.62 ಕೋಟಿ ಇದ್ದ ಪ್ರವಾಸಿಗರ ಸಂಖ್ಯೆ ಏರಿಕೆಯಾಗಿದೆ.
ಅಭಿವೃದ್ಧಿ ಕಾರ್ಯಗಳು:
ಜಮ್ಮು ಮತ್ತು ಕಾಶ್ಮೀರದಲ್ಲಿ ವಿವಿಧ ಅಭಿವೃದ್ಧಿ ಯೋಜನೆಗಳು ಪೂರ್ಣಗೊಂಡಿವೆ. ವಿಶ್ವದ ಅತಿ ಎತ್ತರದ ರೈಲ್ವೆ ಸೇತುವೆ ಚೆನಾಬ್ ನದಿಗೆ ನಿರ್ಮಾಣಗೊಂಡಿದೆ. ಹೊಸ ಸುರಂಗ ಮಾರ್ಗಗಳು ಸಂಚಾರ ಸುಗಮಗೊಳಿಸಿವೆ.
ಕಾಶ್ಮೀರದ ಜಿಡಿಪಿ ಏರಿಕೆಯಾಗಿದ್ದು ತಲಾ ಆದಾಯ ಹೆಚ್ಚಿದೆ. ಕೈಗಾರಿಕಾ ಹೂಡಿಕೆಗೆ ಉತ್ತೇಜನ ದೊರೆತಿದೆ. ಸ್ಟಾರ್ಟ್‌ಅಪ್‌ಗಳು ಆರಂಭವಾಗಿವೆ. ಯುವಜನರು ಮುಖ್ಯವಾಹಿನಿಗೆ ಬರುತ್ತಿದ್ದಾರೆ. ಚುನಾವಣೆಯಲ್ಲಿ ಜನರು ಉತ್ಸಾಹದಿಂದ ಮತ ಚಲಾಯಿಸಿದ್ದು ಪ್ರಜಾಪ್ರಭುತ್ವದ ಮೇಲಿನ ನಂಬಿಕೆ ಹೆಚ್ಚಿರುವುದರ ಸಂಕೇತ ಎಂದು ತಜ್ಞರು ವಿಶ್ಲೇಷಿಸಿದ್ದಾರೆ. ಆದರೂ ಗಡಿಯಾಚೆಗಿನ ಭಯೋತ್ಪಾದನೆ ಸವಾಲಾಗಿಯೇ ಉಳಿದಿದೆ. ಕೇಂದ್ರ ಸರ್ಕಾರ ಈ ಬಗ್ಗೆ ಕಟ್ಟುನಿಟ್ಟಿನ ಕ್ರಮ ಕೈಗೊಂಡಿದೆ.
ಆರ್ಥಿಕ ಸ್ಥಿತಿ:
ಕಾಶ್ಮೀರದ ಜಿಡಿಪಿ ಏರಿಕೆಯಾಗಿದ್ದು ತಲಾ ಆದಾಯ ಹೆಚ್ಚಿದೆ. ಕೈಗಾರಿಕಾ ಹೂಡಿಕೆಗೆ ಉತ್ತೇಜನ ದೊರೆತಿದೆ. ಸ್ಟಾರ್ಟ್‌ಅಪ್‌ಗಳು ಆರಂಭವಾಗಿವೆ. ಯುವಜನರು ಮುಖ್ಯವಾಹಿನಿಗೆ ಬರುತ್ತಿದ್ದಾರೆ. ಚುನಾವಣೆಯಲ್ಲಿ ಜನರು ಉತ್ಸಾಹದಿಂದ ಮತ ಚಲಾಯಿಸಿದ್ದು ಪ್ರಜಾಪ್ರಭುತ್ವದ ಮೇಲಿನ ನಂಬಿಕೆ ಹೆಚ್ಚಿರುವುದರ ಸಂಕೇತ ಎಂದು ತಜ್ಞರು ವಿಶ್ಲೇಷಿಸಿದ್ದಾರೆ. ಆದರೂ ಗಡಿಯಾಚೆಗಿನ ಭಯೋತ್ಪಾದನೆ ಸವಾಲಾಗಿಯೇ ಉಳಿದಿದೆ. ಕೇಂದ್ರ ಸರ್ಕಾರ ಈ ಬಗ್ಗೆ ಕಟ್ಟುನಿಟ್ಟಿನ ಕ್ರಮ ಕೈಗೊಂಡಿದೆ.
